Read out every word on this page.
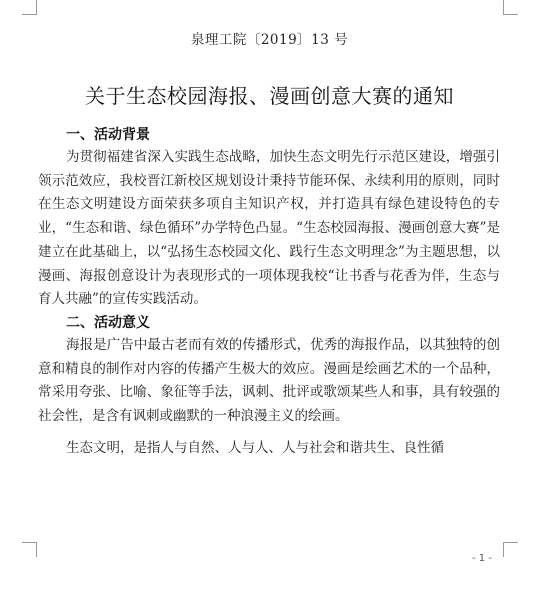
泉理工院〔2019〕13 号
关于生态校园海报、漫画创意大赛的通知

一、活动背景

为贯彻福建省深入实践生态战略，加快生态文明先行示范区建设，增强引领示范效应，我校晋江新校区规划设计秉持节能环保、永续利用的原则，同时在生态文明建设方面荣获多项自主知识产权，并打造具有绿色建设特色的专业，“生态和谐、绿色循环”办学特色凸显。“生态校园海报、漫画创意大赛”是建立在此基础上，以“弘扬生态校园文化、践行生态文明理念”为主题思想，以漫画、海报创意设计为表现形式的一项体现我校“让书香与花香为伴，生态与育人共融”的宣传实践活动。

二、活动意义

海报是广告中最古老而有效的传播形式，优秀的海报作品，以其独特的创意和精良的制作对内容的传播产生极大的效应。漫画是绘画艺术的一个品种，常采用夸张、比喻、象征等手法，讽刺、批评或歌颂某些人和事，具有较强的社会性，是含有讽刺或幽默的一种浪漫主义的绘画。

生态文明，是指人与自然、人与人、人与社会和谐共生、良性循

- 1 -
